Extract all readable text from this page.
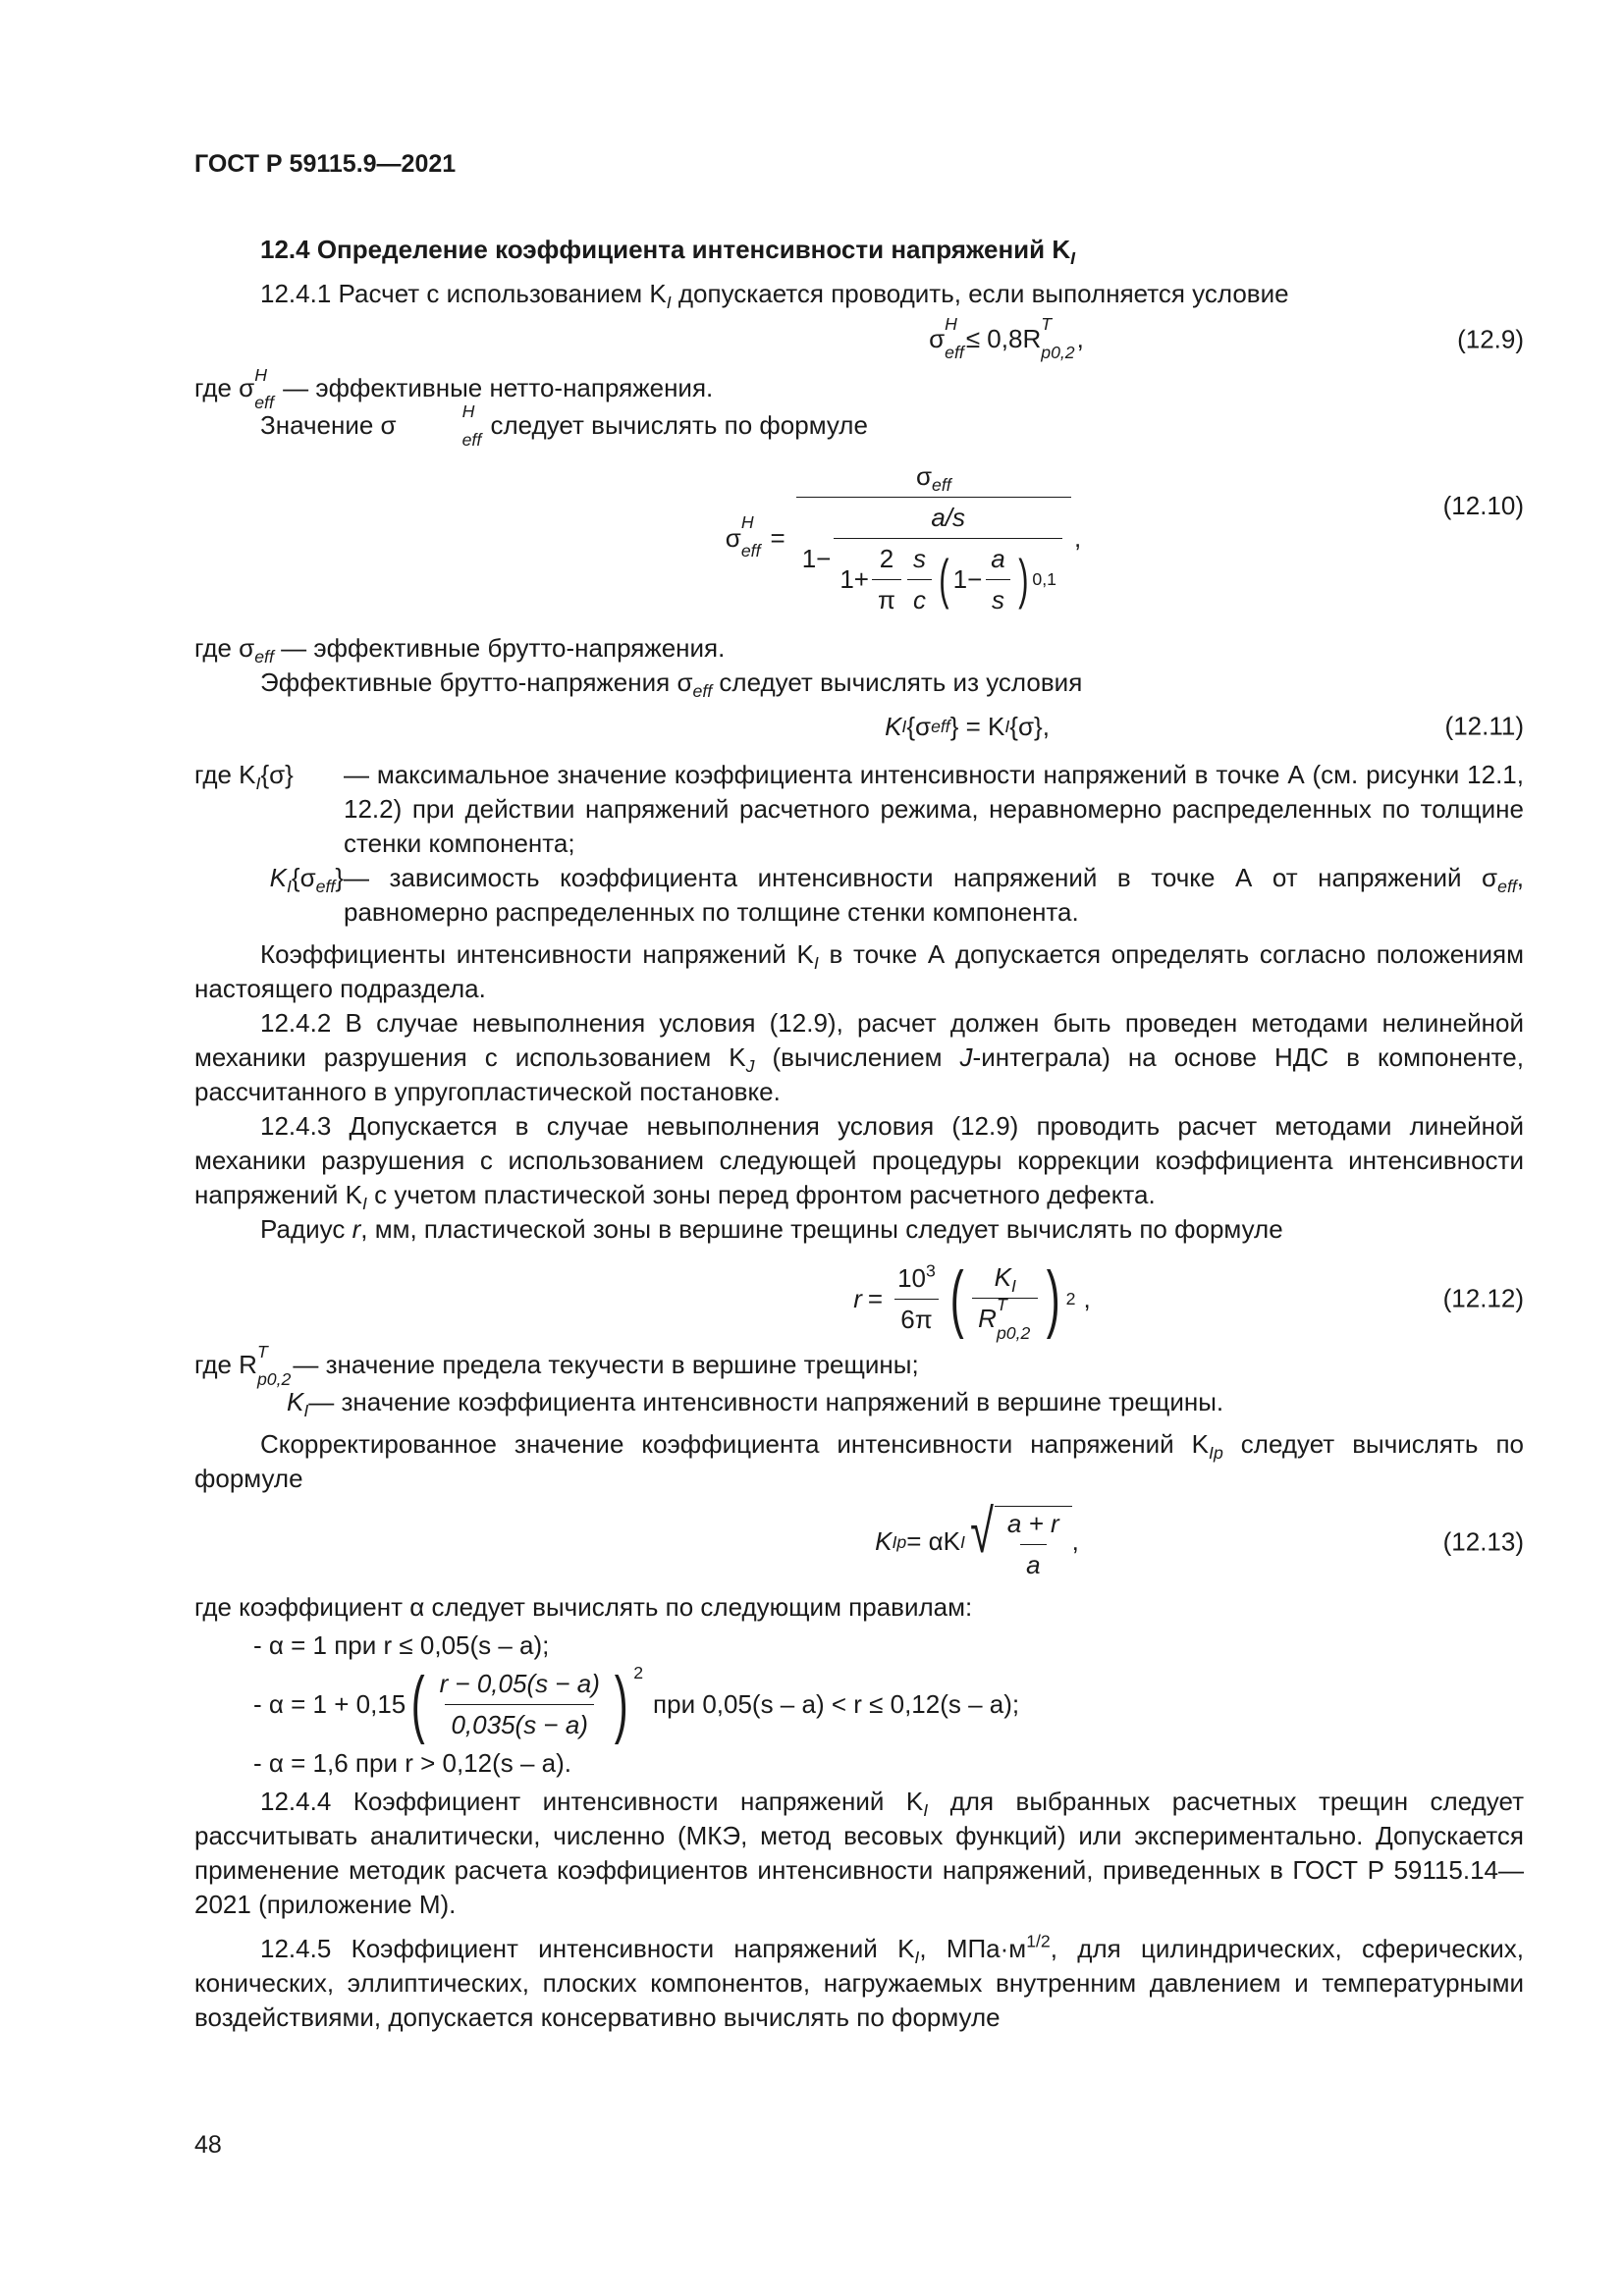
ГОСТ Р 59115.9—2021
12.4 Определение коэффициента интенсивности напряжений $K_I$

12.4.1 Расчет с использованием $K_I$ допускается проводить, если выполняется условие

σ
H
eff ≤ 0,8R
T
p0,2 ,	(12.9)

где σ H
eff
— эффективные нетто-напряжения.

Значение σ	H
eff
следует вычислять по формуле

σ
H
eff =
$\sigma_{eff}$
1−
a/s
$1+ \frac{2}{\pi} \frac{s}{c}$ ( $1- \frac{a}{s}$ ) 0,1
,
(12.10)

где $\sigma_{eff}$ — эффективные брутто-напряжения.

Эффективные брутто-напряжения $\sigma_{eff}$ следует вычислять из условия

K I {σ eff } = K I {σ},	(12.11)
где $K_I\{\sigma\}$	— максимальное значение коэффициента интенсивности напряжений в точке А (см. рисунки 12.1, 12.2) при действии напряжений расчетного режима, неравномерно распределенных по толщине стенки компонента;
$K_I\{\sigma_{eff}\}$ — зависимость коэффициента интенсивности напряжений в точке А от напряжений $\sigma_{eff}$, равномерно распределенных по толщине стенки компонента.

Коэффициенты интенсивности напряжений $K_I$ в точке А допускается определять согласно положениям настоящего подраздела.

12.4.2 В случае невыполнения условия (12.9), расчет должен быть проведен методами нелинейной механики разрушения с использованием $K_J$ (вычислением J-интеграла) на основе НДС в компоненте, рассчитанного в упругопластической постановке.

12.4.3 Допускается в случае невыполнения условия (12.9) проводить расчет методами линейной механики разрушения с использованием следующей процедуры коррекции коэффициента интенсивности напряжений $K_I$ с учетом пластической зоны перед фронтом расчетного дефекта.

Радиус r, мм, пластической зоны в вершине трещины следует вычислять по формуле

$r = \frac{10^3}{6\pi}$ ( $K_I$
R T
p0,2 ) 2 ,	(12.12)
где R T
p0,2
— значение предела текучести в вершине трещины;
$K_I$ — значение коэффициента интенсивности напряжений в вершине трещины.

Скорректированное значение коэффициента интенсивности напряжений $K_{Ip}$ следует вычислять по формуле

K Ip = αK I √ $\frac{a + r}{a}$ ,	(12.13)

где коэффициент α следует вычислять по следующим правилам:

- α = 1 при r ≤ 0,05(s – a);
- α = 1 + 0,15 ( $\frac{r - 0,05(s - a)}{0,035(s - a)}$ ) 2
при 0,05(s – a) < r ≤ 0,12(s – a);
- α = 1,6 при r > 0,12(s – a).

12.4.4 Коэффициент интенсивности напряжений $K_I$ для выбранных расчетных трещин следует рассчитывать аналитически, численно (МКЭ, метод весовых функций) или экспериментально. Допускается применение методик расчета коэффициентов интенсивности напряжений, приведенных в ГОСТ Р 59115.14—2021 (приложение М).

12.4.5 Коэффициент интенсивности напряжений $K_I$, $МПа\cdot м^{1/2}$, для цилиндрических, сферических, конических, эллиптических, плоских компонентов, нагружаемых внутренним давлением и температурными воздействиями, допускается консервативно вычислять по формуле

48
